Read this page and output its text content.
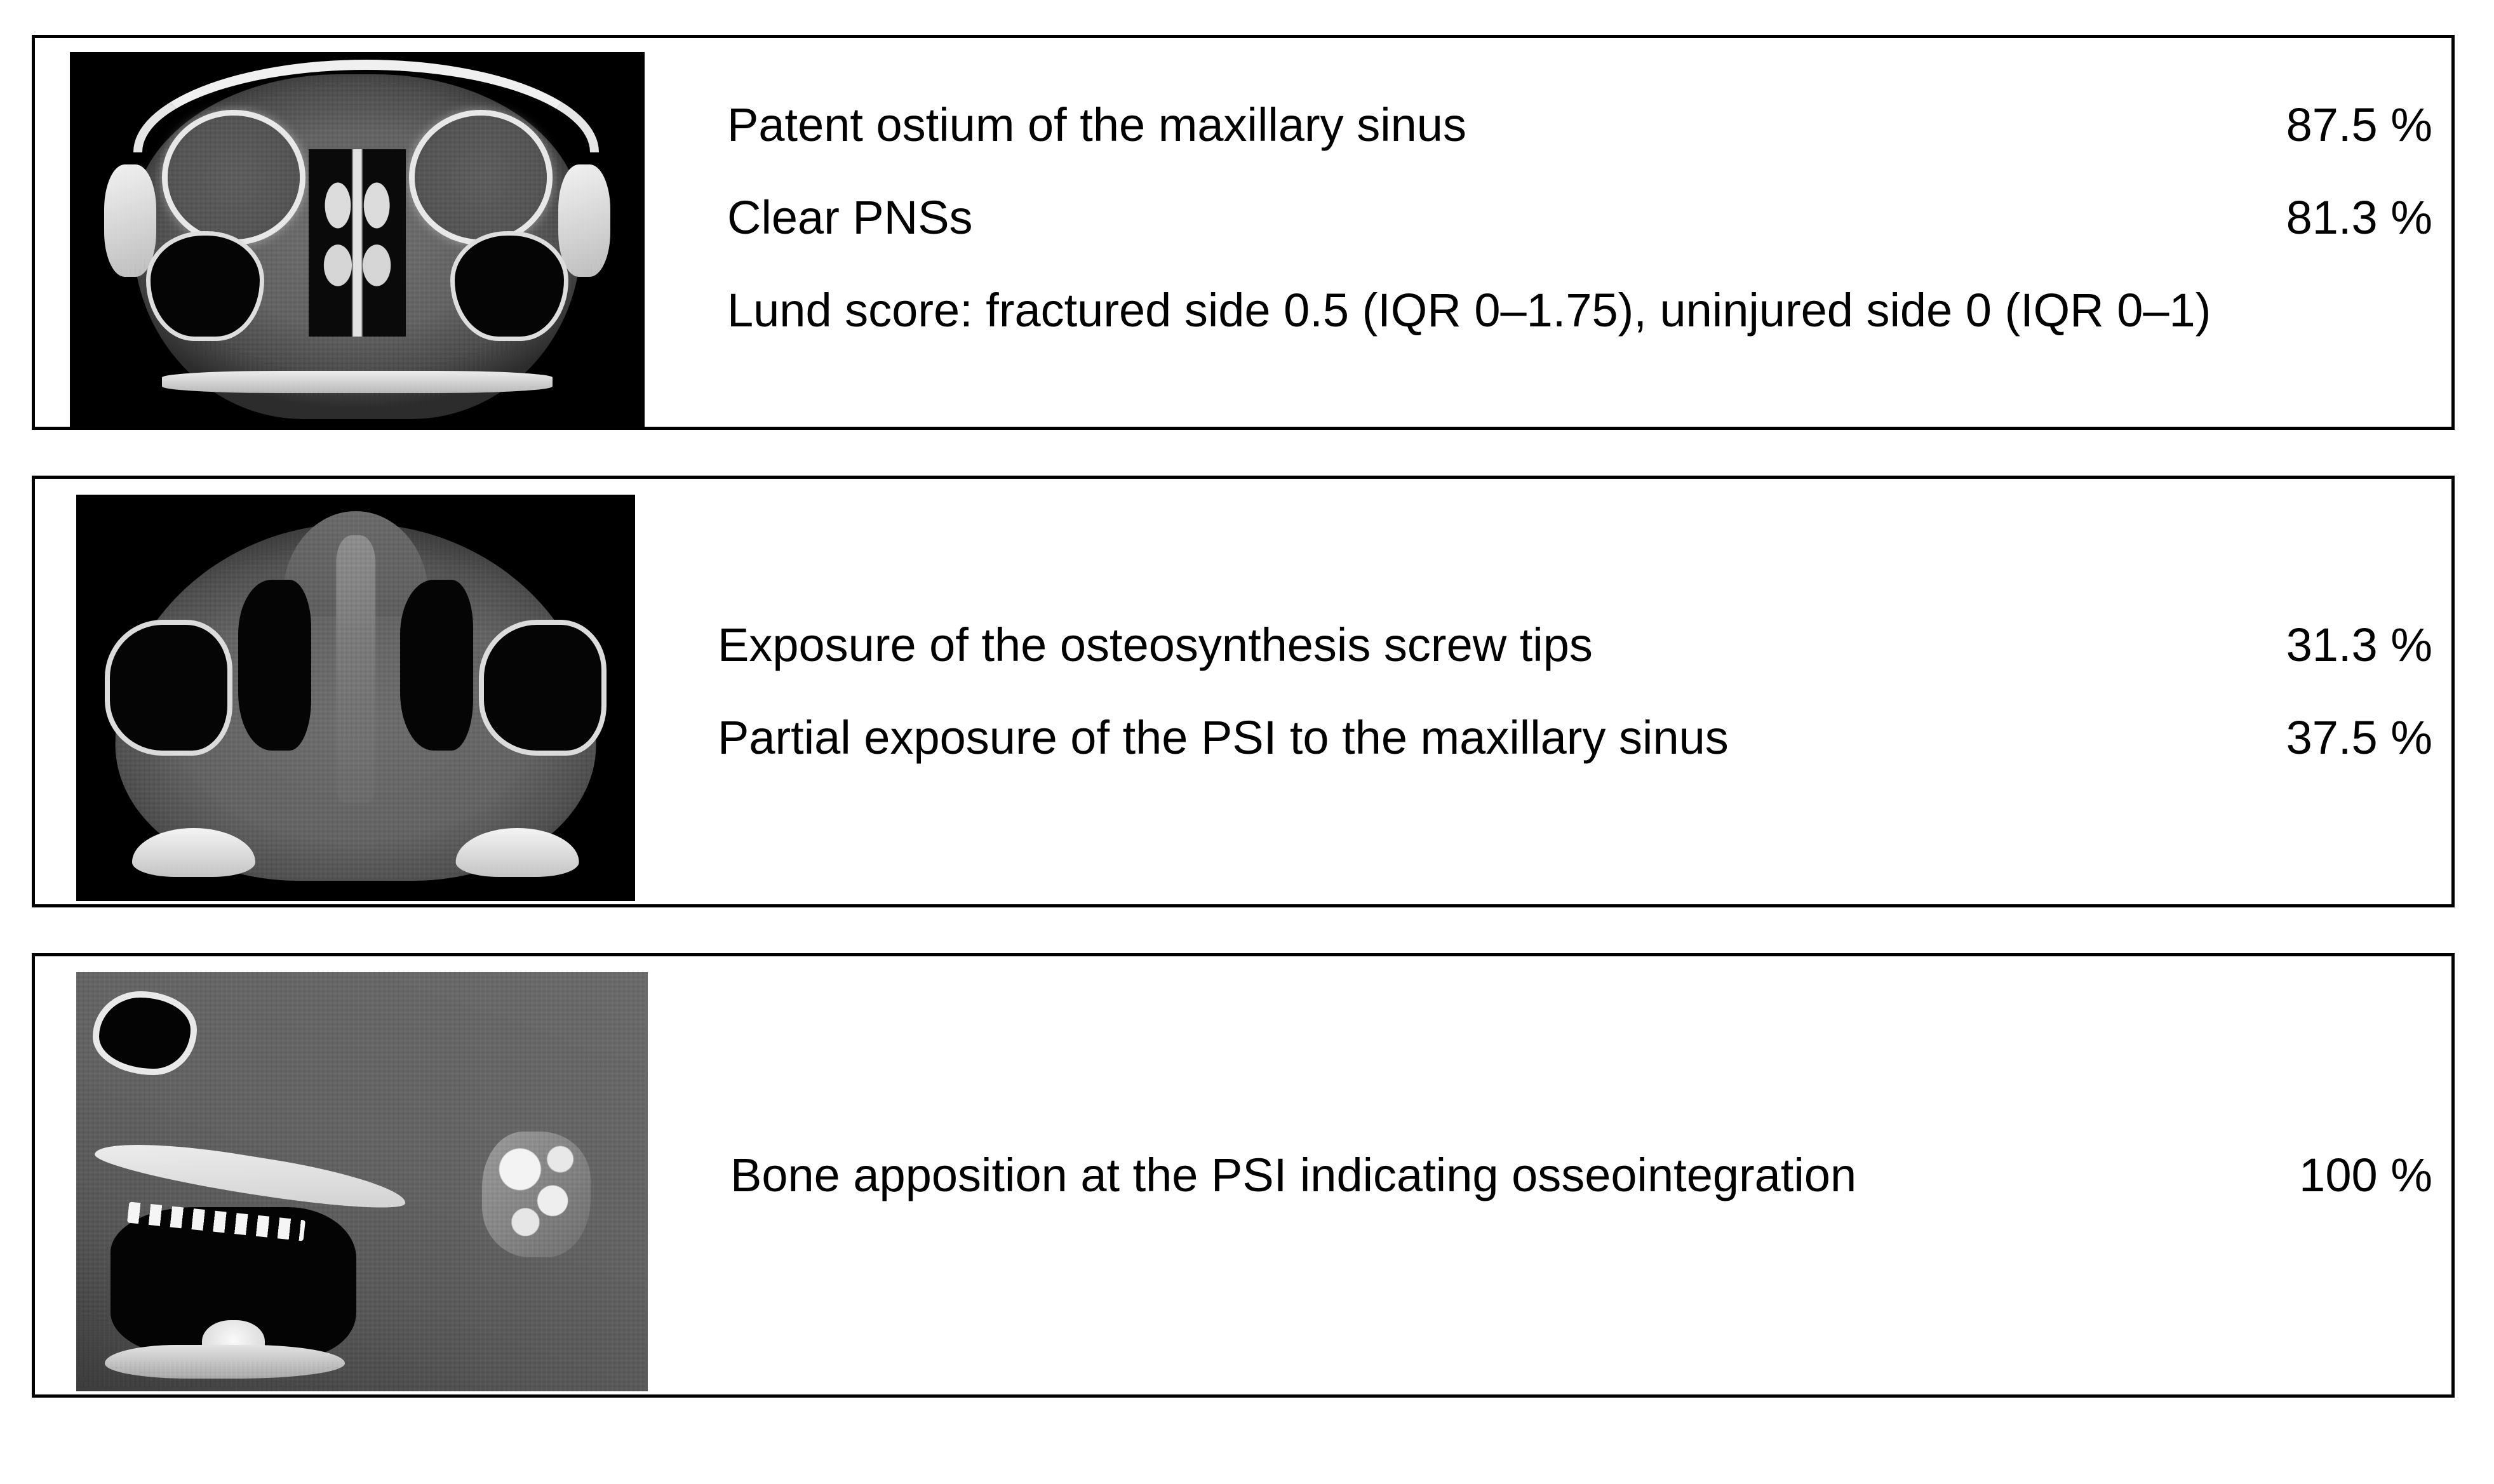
Patent ostium of the maxillary sinus	87.5 %
Clear PNSs	81.3 %
Lund score: fractured side 0.5 (IQR 0–1.75), uninjured side 0 (IQR 0–1)
Exposure of the osteosynthesis screw tips	31.3 %
Partial exposure of the PSI to the maxillary sinus	37.5 %
Bone apposition at the PSI indicating osseointegration	100 %
